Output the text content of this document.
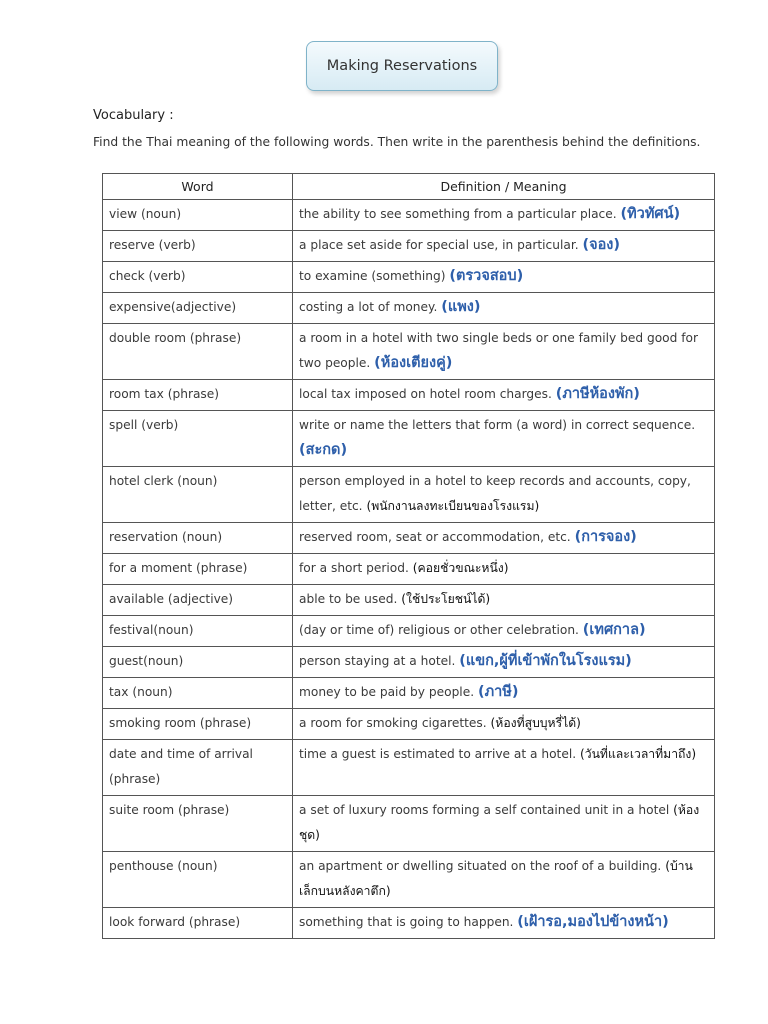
Making Reservations
Vocabulary :
Find the Thai meaning of the following words. Then write in the parenthesis behind the definitions.
Word	Definition / Meaning
view (noun)	the ability to see something from a particular place. (ทิวทัศน์)
reserve (verb)	a place set aside for special use, in particular. (จอง)
check (verb)	to examine (something) (ตรวจสอบ)
expensive(adjective)	costing a lot of money. (แพง)
double room (phrase)	a room in a hotel with two single beds or one family bed good for two people. (ห้องเตียงคู่)
room tax (phrase)	local tax imposed on hotel room charges. (ภาษีห้องพัก)
spell (verb)	write or name the letters that form (a word) in correct sequence. (สะกด)
hotel clerk (noun)	person employed in a hotel to keep records and accounts, copy, letter, etc. (พนักงานลงทะเบียนของโรงแรม)
reservation (noun)	reserved room, seat or accommodation, etc. (การจอง)
for a moment (phrase)	for a short period. (คอยชั่วขณะหนึ่ง)
available (adjective)	able to be used. (ใช้ประโยชน์ได้)
festival(noun)	(day or time of) religious or other celebration. (เทศกาล)
guest(noun)	person staying at a hotel. (แขก,ผู้ที่เข้าพักในโรงแรม)
tax (noun)	money to be paid by people. (ภาษี)
smoking room (phrase)	a room for smoking cigarettes. (ห้องที่สูบบุหรี่ได้)
date and time of arrival (phrase)	time a guest is estimated to arrive at a hotel. (วันที่และเวลาที่มาถึง)
suite room (phrase)	a set of luxury rooms forming a self contained unit in a hotel (ห้องชุด)
penthouse (noun)	an apartment or dwelling situated on the roof of a building. (บ้านเล็กบนหลังคาตึก)
look forward (phrase)	something that is going to happen. (เฝ้ารอ,มองไปข้างหน้า)
